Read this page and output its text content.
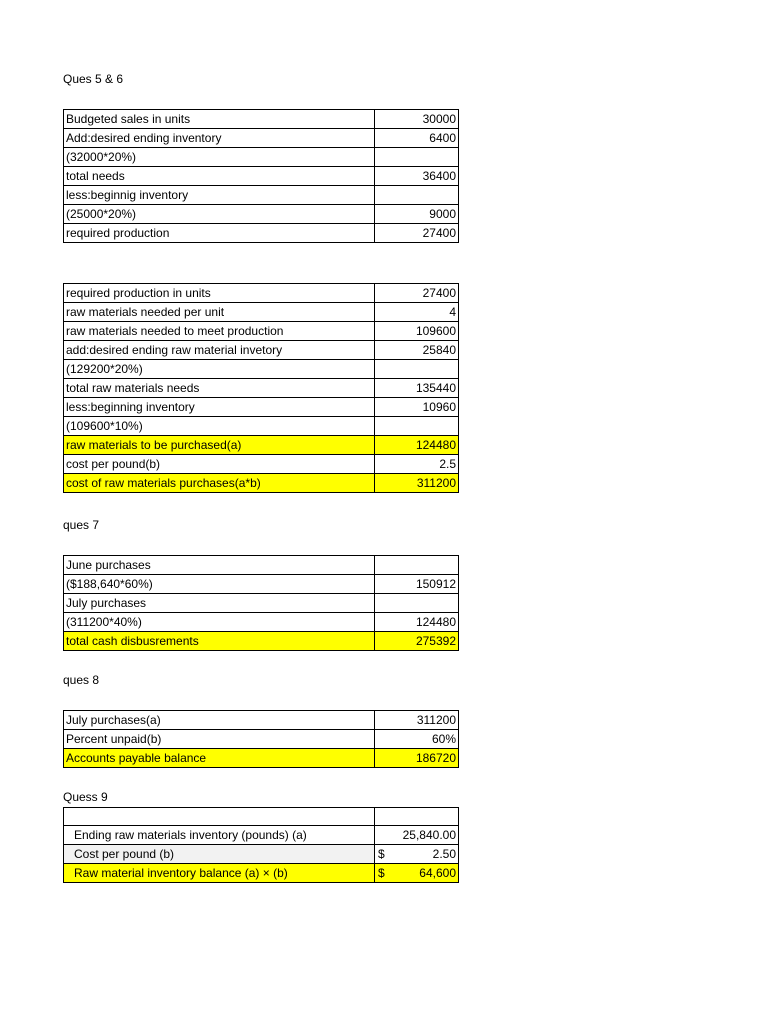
Ques 5 & 6
Budgeted sales in units	30000
Add:desired ending inventory	6400
(32000*20%)	
total needs	36400
less:beginnig inventory	
(25000*20%)	9000
required production	27400
required production in units	27400
raw materials needed per unit	4
raw materials needed to meet production	109600
add:desired ending raw material invetory	25840
(129200*20%)	
total raw materials needs	135440
less:beginning inventory	10960
(109600*10%)	
raw materials to be purchased(a)	124480
cost per pound(b)	2.5
cost of raw materials purchases(a*b)	311200
ques 7
June purchases	
($188,640*60%)	150912
July purchases	
(311200*40%)	124480
total cash disbusrements	275392
ques 8
July purchases(a)	311200
Percent unpaid(b)	60%
Accounts payable balance	186720
Quess 9

Ending raw materials inventory (pounds) (a)	25,840.00
Cost per pound (b)	$ 2.50
Raw material inventory balance (a) × (b)	$ 64,600
